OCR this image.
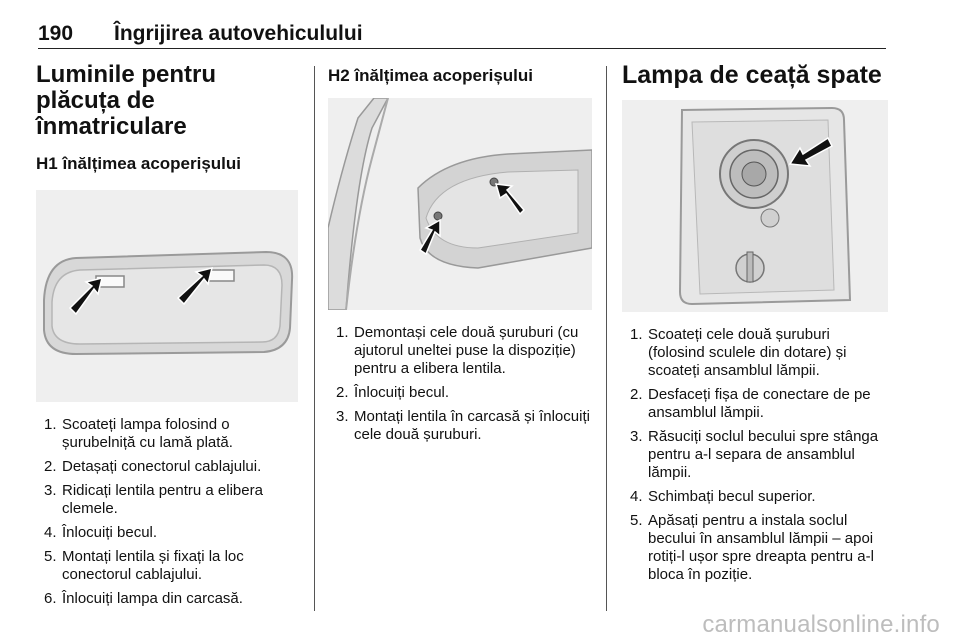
190 Îngrijirea autovehiculului
Luminile pentru plăcuța de înmatriculare
H1 înălțimea acoperișului
1. Scoateți lampa folosind o șurubelniță cu lamă plată.
2. Detașați conectorul cablajului.
3. Ridicați lentila pentru a elibera clemele.
4. Înlocuiți becul.
5. Montați lentila și fixați la loc conectorul cablajului.
6. Înlocuiți lampa din carcasă.
H2 înălțimea acoperișului
1. Demontași cele două șuruburi (cu ajutorul uneltei puse la dispoziție) pentru a elibera lentila.
2. Înlocuiți becul.
3. Montați lentila în carcasă și înlocuiți cele două șuruburi.
Lampa de ceață spate
1. Scoateți cele două șuruburi (folosind sculele din dotare) și scoateți ansamblul lămpii.
2. Desfaceți fișa de conectare de pe ansamblul lămpii.
3. Răsuciți soclul becului spre stânga pentru a-l separa de ansamblul lămpii.
4. Schimbați becul superior.
5. Apăsați pentru a instala soclul becului în ansamblul lămpii – apoi rotiți-l ușor spre dreapta pentru a-l bloca în poziție.
carmanualsonline.info
